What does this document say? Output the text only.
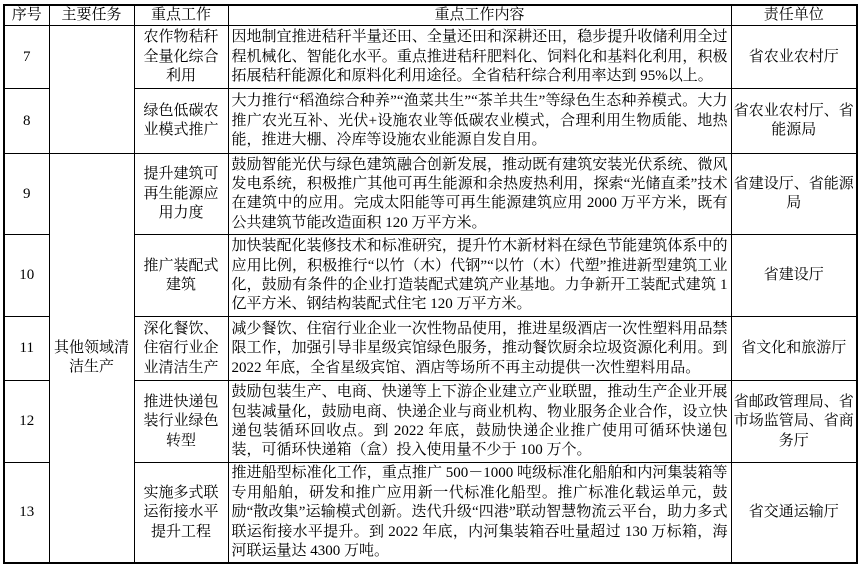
序号	主要任务	重点工作	重点工作内容	责任单位
7		农作物秸秆全量化综合利用	因地制宜推进秸秆半量还田、全量还田和深耕还田，稳步提升收储利用全过程机械化、智能化水平。重点推进秸秆肥料化、饲料化和基料化利用，积极拓展秸秆能源化和原料化利用途径。全省秸秆综合利用率达到 95%以上。	省农业农村厅
8		绿色低碳农业模式推广	大力推行“稻渔综合种养”“渔菜共生”“茶羊共生”等绿色生态种养模式。大力推广农光互补、光伏+设施农业等低碳农业模式，合理利用生物质能、地热能，推进大棚、冷库等设施农业能源自发自用。	省农业农村厅、省能源局
9	其他领域清洁生产	提升建筑可再生能源应用力度	鼓励智能光伏与绿色建筑融合创新发展，推动既有建筑安装光伏系统、微风发电系统，积极推广其他可再生能源和余热废热利用，探索“光储直柔”技术在建筑中的应用。完成太阳能等可再生能源建筑应用 2000 万平方米，既有公共建筑节能改造面积 120 万平方米。	省建设厅、省能源局
10		推广装配式建筑	加快装配化装修技术和标准研究，提升竹木新材料在绿色节能建筑体系中的应用比例，积极推行“以竹（木）代钢”“以竹（木）代塑”推进新型建筑工业化，鼓励有条件的企业打造装配式建筑产业基地。力争新开工装配式建筑 1 亿平方米、钢结构装配式住宅 120 万平方米。	省建设厅
11		深化餐饮、住宿行业企业清洁生产	减少餐饮、住宿行业企业一次性物品使用，推进星级酒店一次性塑料用品禁限工作，加强引导非星级宾馆绿色服务，推动餐饮厨余垃圾资源化利用。到 2022 年底，全省星级宾馆、酒店等场所不再主动提供一次性塑料用品。	省文化和旅游厅
12		推进快递包装行业绿色转型	鼓励包装生产、电商、快递等上下游企业建立产业联盟，推动生产企业开展包装减量化，鼓励电商、快递企业与商业机构、物业服务企业合作，设立快递包装循环回收点。到 2022 年底，鼓励快递企业推广使用可循环快递包装，可循环快递箱（盒）投入使用量不少于 100 万个。	省邮政管理局、省市场监管局、省商务厅
13		实施多式联运衔接水平提升工程	推进船型标准化工作，重点推广 500－1000 吨级标准化船舶和内河集装箱等专用船舶，研发和推广应用新一代标准化船型。推广标准化载运单元，鼓励“散改集”运输模式创新。迭代升级“四港”联动智慧物流云平台，助力多式联运衔接水平提升。到 2022 年底，内河集装箱吞吐量超过 130 万标箱，海河联运量达 4300 万吨。	省交通运输厅
